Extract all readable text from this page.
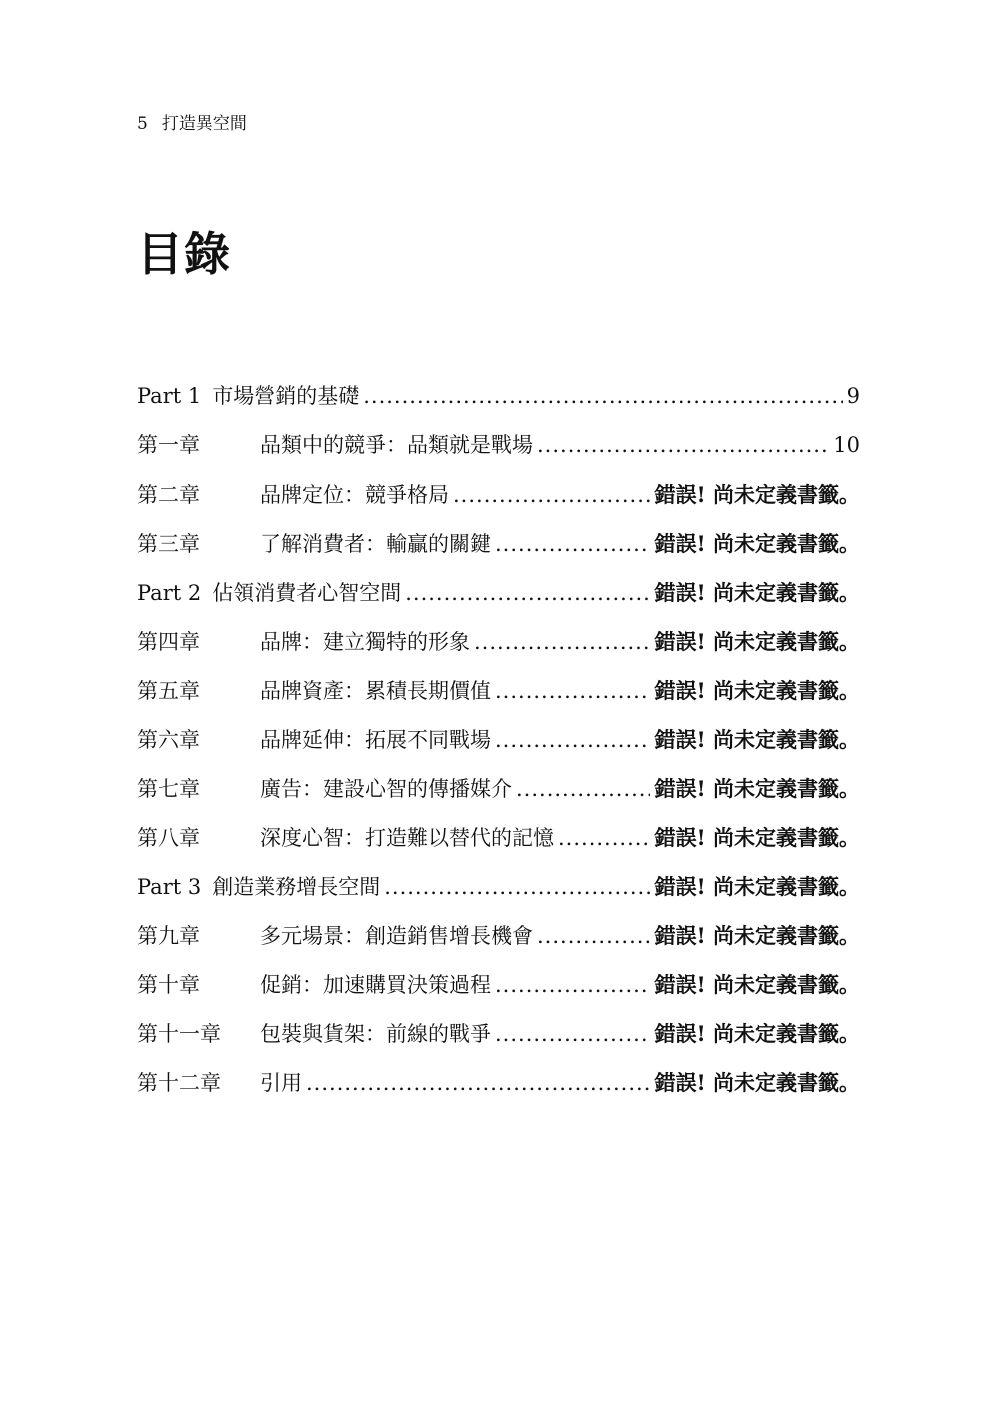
5 打造異空間
目錄
Part 1 市場營銷的基礎 .....	9
第一章	品類中的競爭：品類就是戰場 .....	10
第二章	品牌定位：競爭格局 .....	錯誤! 尚未定義書籤。
第三章	了解消費者：輸贏的關鍵 .....	錯誤! 尚未定義書籤。
Part 2 佔領消費者心智空間 .....	錯誤! 尚未定義書籤。
第四章	品牌：建立獨特的形象 .....	錯誤! 尚未定義書籤。
第五章	品牌資產：累積長期價值 .....	錯誤! 尚未定義書籤。
第六章	品牌延伸：拓展不同戰場 .....	錯誤! 尚未定義書籤。
第七章	廣告：建設心智的傳播媒介 .....	錯誤! 尚未定義書籤。
第八章	深度心智：打造難以替代的記憶 .....	錯誤! 尚未定義書籤。
Part 3 創造業務增長空間 .....	錯誤! 尚未定義書籤。
第九章	多元場景：創造銷售增長機會 .....	錯誤! 尚未定義書籤。
第十章	促銷：加速購買決策過程 .....	錯誤! 尚未定義書籤。
第十一章	包裝與貨架：前線的戰爭 .....	錯誤! 尚未定義書籤。
第十二章	引用 .....	錯誤! 尚未定義書籤。
